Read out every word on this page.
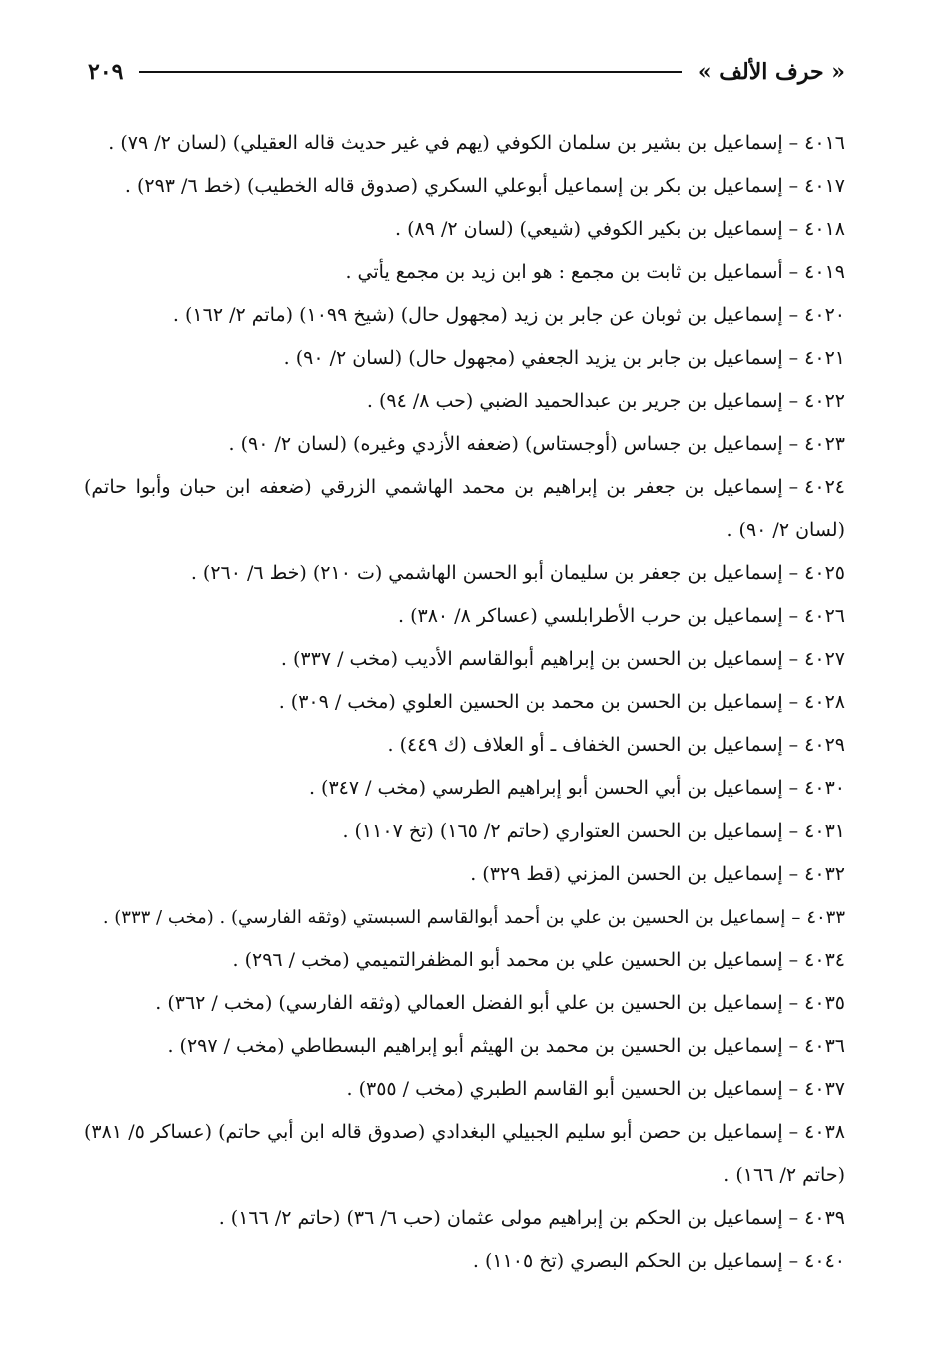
« حرف الألف »
٢٠٩
٤٠١٦–إسماعيل بن بشير بن سلمان الكوفي (يهم في غير حديث قاله العقيلي) (لسان ٢/ ٧٩) .
٤٠١٧–إسماعيل بن بكر بن إسماعيل أبوعلي السكري (صدوق قاله الخطيب) (خط ٦/ ٢٩٣) .
٤٠١٨–إسماعيل بن بكير الكوفي (شيعي) (لسان ٢/ ٨٩) .
٤٠١٩–أسماعيل بن ثابت بن مجمع : هو ابن زيد بن مجمع يأتي .
٤٠٢٠–إسماعيل بن ثوبان عن جابر بن زيد (مجهول حال) (شيخ ١٠٩٩) (ماتم ٢/ ١٦٢) .
٤٠٢١–إسماعيل بن جابر بن يزيد الجعفي (مجهول حال) (لسان ٢/ ٩٠) .
٤٠٢٢–إسماعيل بن جرير بن عبدالحميد الضبي (حب ٨/ ٩٤) .
٤٠٢٣–إسماعيل بن جساس (أوجستاس) (ضعفه الأزدي وغيره) (لسان ٢/ ٩٠) .
٤٠٢٤–إسماعيل بن جعفر بن إبراهيم بن محمد الهاشمي الزرقي (ضعفه ابن حبان وأبوا حاتم) (لسان ٢/ ٩٠) .
٤٠٢٥–إسماعيل بن جعفر بن سليمان أبو الحسن الهاشمي (ت ٢١٠) (خط ٦/ ٢٦٠) .
٤٠٢٦–إسماعيل بن حرب الأطرابلسي (عساكر ٨/ ٣٨٠) .
٤٠٢٧–إسماعيل بن الحسن بن إبراهيم أبوالقاسم الأديب (مخب / ٣٣٧) .
٤٠٢٨–إسماعيل بن الحسن بن محمد بن الحسين العلوي (مخب / ٣٠٩) .
٤٠٢٩–إسماعيل بن الحسن الخفاف ـ أو العلاف (ك ٤٤٩) .
٤٠٣٠–إسماعيل بن أبي الحسن أبو إبراهيم الطرسي (مخب / ٣٤٧) .
٤٠٣١–إسماعيل بن الحسن العتواري (حاتم ٢/ ١٦٥) (تخ ١١٠٧) .
٤٠٣٢–إسماعيل بن الحسن المزني (قط ٣٢٩) .
٤٠٣٣–إسماعيل بن الحسين بن علي بن أحمد أبوالقاسم السبستي (وثقه الفارسي) . (مخب / ٣٣٣) .
٤٠٣٤–إسماعيل بن الحسين علي بن محمد أبو المظفرالتميمي (مخب / ٢٩٦) .
٤٠٣٥–إسماعيل بن الحسين بن علي أبو الفضل العمالي (وثقه الفارسي) (مخب / ٣٦٢) .
٤٠٣٦–إسماعيل بن الحسين بن محمد بن الهيثم أبو إبراهيم البسطاطي (مخب / ٢٩٧) .
٤٠٣٧–إسماعيل بن الحسين أبو القاسم الطبري (مخب / ٣٥٥) .
٤٠٣٨–إسماعيل بن حصن أبو سليم الجبيلي البغدادي (صدوق قاله ابن أبي حاتم) (عساكر ٥/ ٣٨١) (حاتم ٢/ ١٦٦) .
٤٠٣٩–إسماعيل بن الحكم بن إبراهيم مولى عثمان (حب ٦/ ٣٦) (حاتم ٢/ ١٦٦) .
٤٠٤٠–إسماعيل بن الحكم البصري (تخ ١١٠٥) .
